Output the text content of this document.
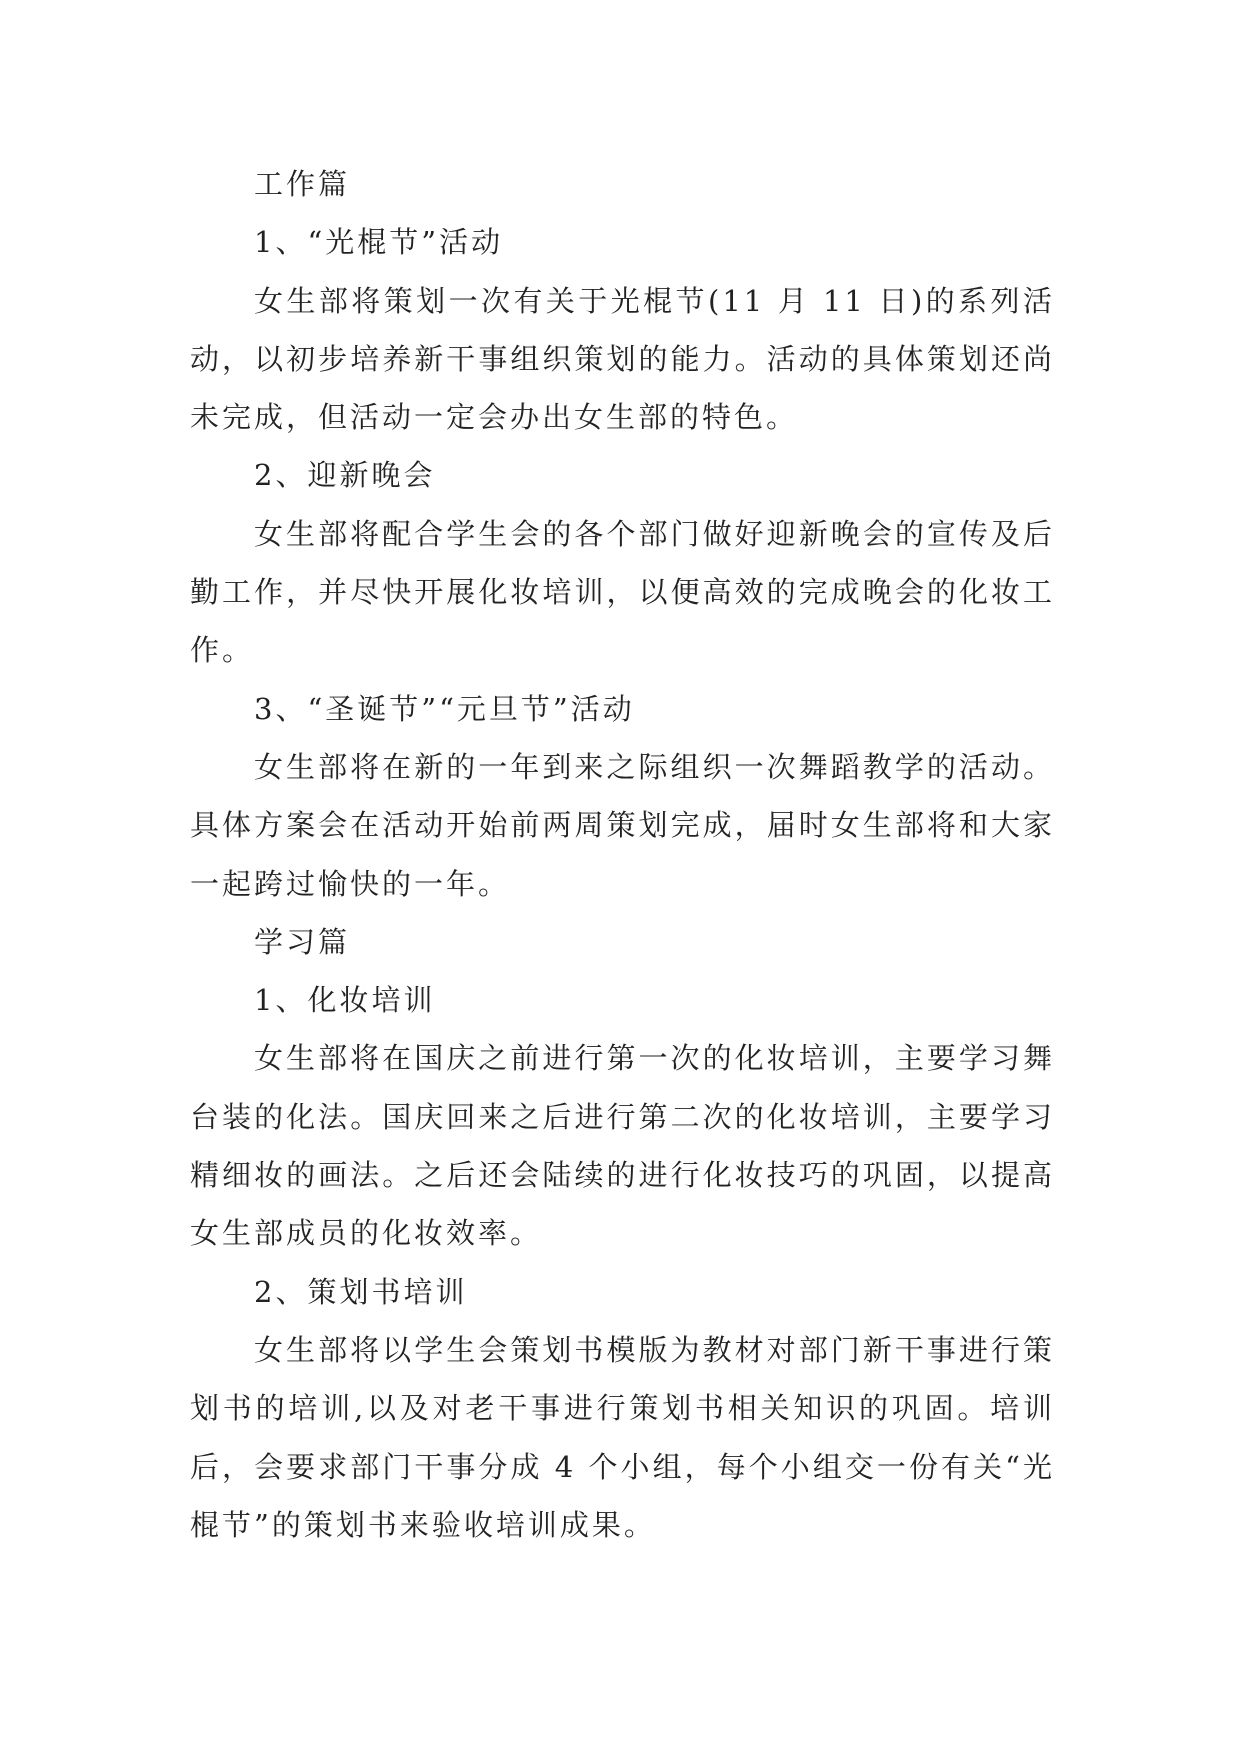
工作篇

1、“光棍节”活动

女生部将策划一次有关于光棍节(11 月 11 日)的系列活动，以初步培养新干事组织策划的能力。活动的具体策划还尚未完成，但活动一定会办出女生部的特色。

2、迎新晚会

女生部将配合学生会的各个部门做好迎新晚会的宣传及后勤工作，并尽快开展化妆培训，以便高效的完成晚会的化妆工作。

3、“圣诞节”“元旦节”活动

女生部将在新的一年到来之际组织一次舞蹈教学的活动。具体方案会在活动开始前两周策划完成，届时女生部将和大家一起跨过愉快的一年。

学习篇

1、化妆培训

女生部将在国庆之前进行第一次的化妆培训，主要学习舞台装的化法。国庆回来之后进行第二次的化妆培训，主要学习精细妆的画法。之后还会陆续的进行化妆技巧的巩固，以提高女生部成员的化妆效率。

2、策划书培训

女生部将以学生会策划书模版为教材对部门新干事进行策划书的培训,以及对老干事进行策划书相关知识的巩固。培训后，会要求部门干事分成 4 个小组，每个小组交一份有关“光棍节”的策划书来验收培训成果。
